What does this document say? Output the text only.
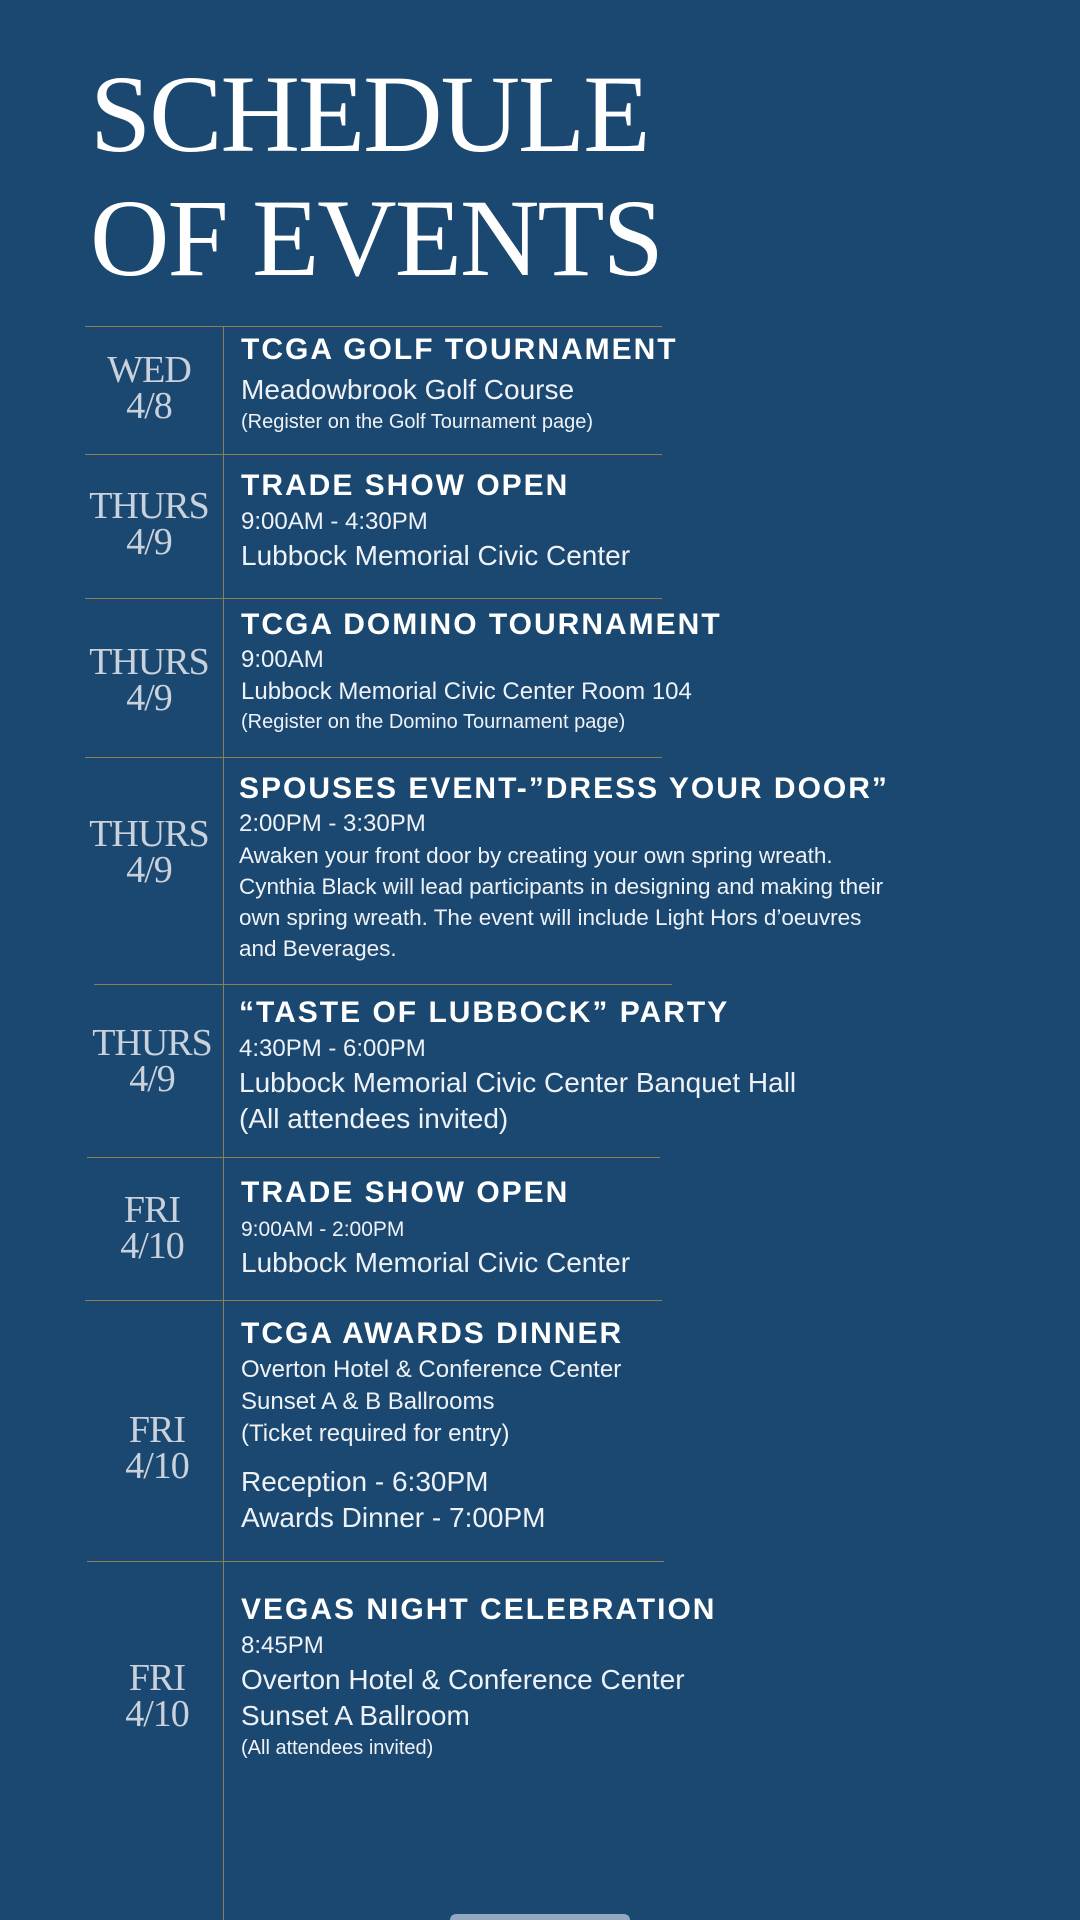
SCHEDULE
OF EVENTS
WED
4/8
TCGA GOLF TOURNAMENT
Meadowbrook Golf Course
(Register on the Golf Tournament page)
THURS
4/9
TRADE SHOW OPEN
9:00AM - 4:30PM
Lubbock Memorial Civic Center
THURS
4/9
TCGA DOMINO TOURNAMENT
9:00AM
Lubbock Memorial Civic Center Room 104
(Register on the Domino Tournament page)
THURS
4/9
SPOUSES EVENT-”DRESS YOUR DOOR”
2:00PM - 3:30PM
Awaken your front door by creating your own spring wreath. Cynthia Black will lead participants in designing and making their own spring wreath. The event will include Light Hors d’oeuvres and Beverages.
THURS
4/9
“TASTE OF LUBBOCK” PARTY
4:30PM - 6:00PM
Lubbock Memorial Civic Center Banquet Hall
(All attendees invited)
FRI
4/10
TRADE SHOW OPEN
9:00AM - 2:00PM
Lubbock Memorial Civic Center
FRI
4/10
TCGA AWARDS DINNER
Overton Hotel & Conference Center
Sunset A & B Ballrooms
(Ticket required for entry)
Reception - 6:30PM
Awards Dinner - 7:00PM
FRI
4/10
VEGAS NIGHT CELEBRATION
8:45PM
Overton Hotel & Conference Center
Sunset A Ballroom
(All attendees invited)
